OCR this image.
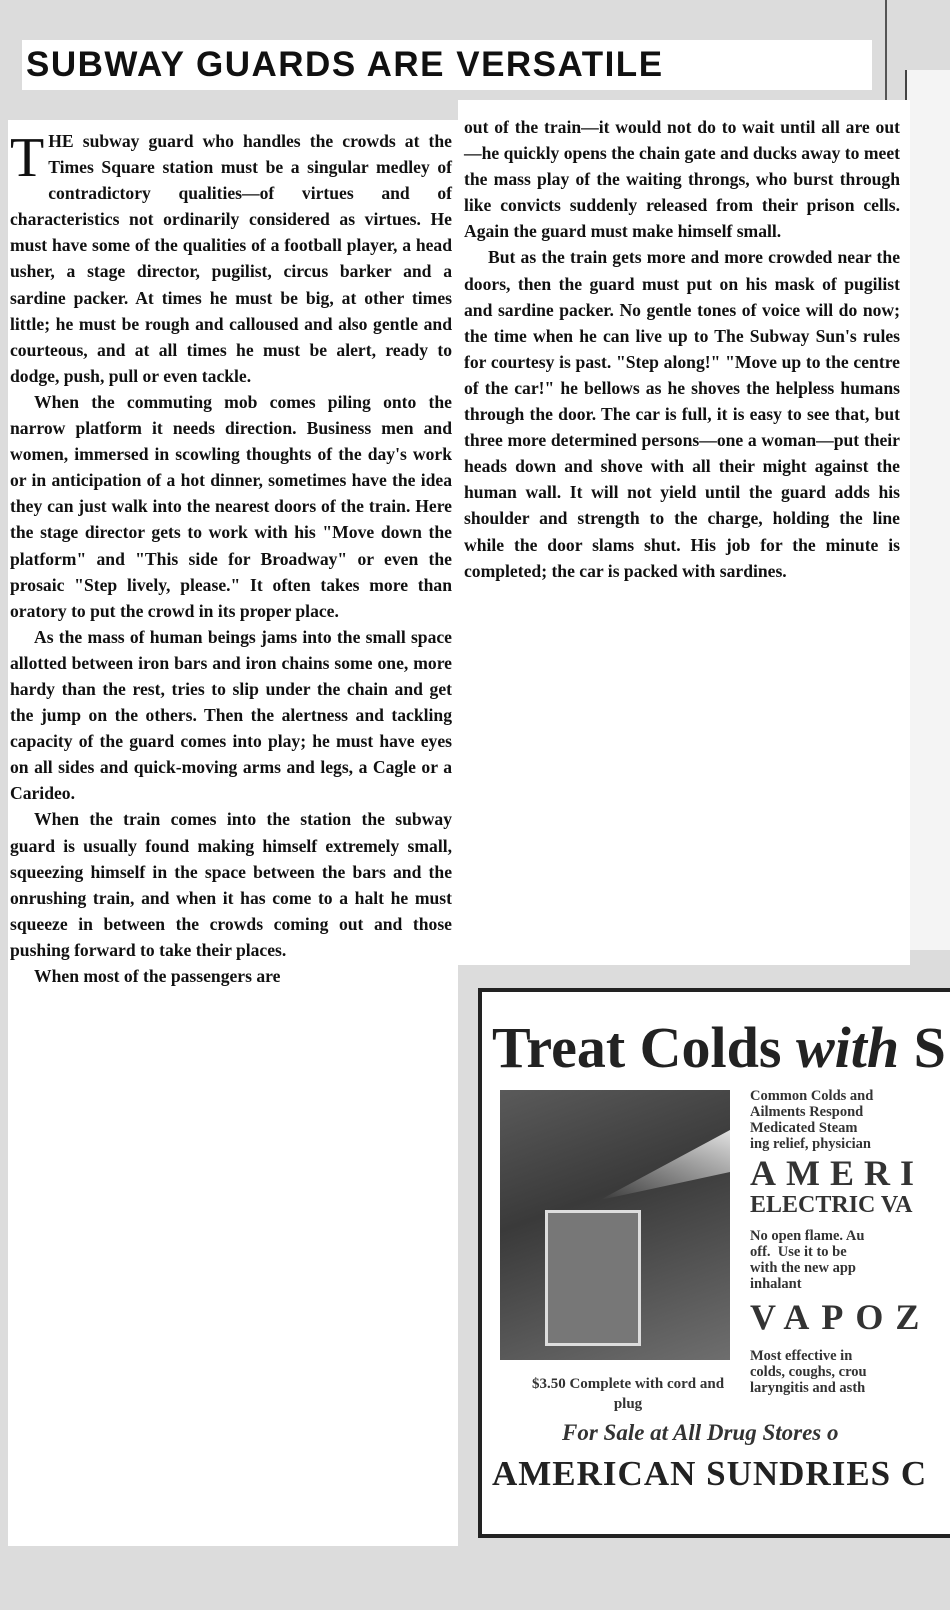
SUBWAY GUARDS ARE VERSATILE
T HE subway guard who handles the crowds at the Times Square station must be a singular medley of contradictory qualities—of virtues and of characteristics not ordinarily considered as virtues. He must have some of the qualities of a football player, a head usher, a stage director, pugilist, circus barker and a sardine packer. At times he must be big, at other times little; he must be rough and calloused and also gentle and courteous, and at all times he must be alert, ready to dodge, push, pull or even tackle.

When the commuting mob comes piling onto the narrow platform it needs direction. Business men and women, immersed in scowling thoughts of the day's work or in anticipation of a hot dinner, sometimes have the idea they can just walk into the nearest doors of the train. Here the stage director gets to work with his "Move down the platform" and "This side for Broadway" or even the prosaic "Step lively, please." It often takes more than oratory to put the crowd in its proper place.

As the mass of human beings jams into the small space allotted between iron bars and iron chains some one, more hardy than the rest, tries to slip under the chain and get the jump on the others. Then the alertness and tackling capacity of the guard comes into play; he must have eyes on all sides and quick-moving arms and legs, a Cagle or a Carideo.

When the train comes into the station the subway guard is usually found making himself extremely small, squeezing himself in the space between the bars and the onrushing train, and when it has come to a halt he must squeeze in between the crowds coming out and those pushing forward to take their places.

When most of the passengers are

out of the train—it would not do to wait until all are out—he quickly opens the chain gate and ducks away to meet the mass play of the waiting throngs, who burst through like convicts suddenly released from their prison cells. Again the guard must make himself small.

But as the train gets more and more crowded near the doors, then the guard must put on his mask of pugilist and sardine packer. No gentle tones of voice will do now; the time when he can live up to The Subway Sun's rules for courtesy is past. "Step along!" "Move up to the centre of the car!" he bellows as he shoves the helpless humans through the door. The car is full, it is easy to see that, but three more determined persons—one a woman—put their heads down and shove with all their might against the human wall. It will not yield until the guard adds his shoulder and strength to the charge, holding the line while the door slams shut. His job for the minute is completed; the car is packed with sardines.

Treat Colds with S
$3.50 Complete with cord and plug
Common Colds and
Ailments Respond
Medicated Steam
ing relief, physician
AMERI
ELECTRIC VA
No open flame. Au
off.  Use it to be
with the new app
inhalant
VAPOZ
Most effective in
colds, coughs, crou
laryngitis and asth
For Sale at All Drug Stores o
AMERICAN SUNDRIES C
